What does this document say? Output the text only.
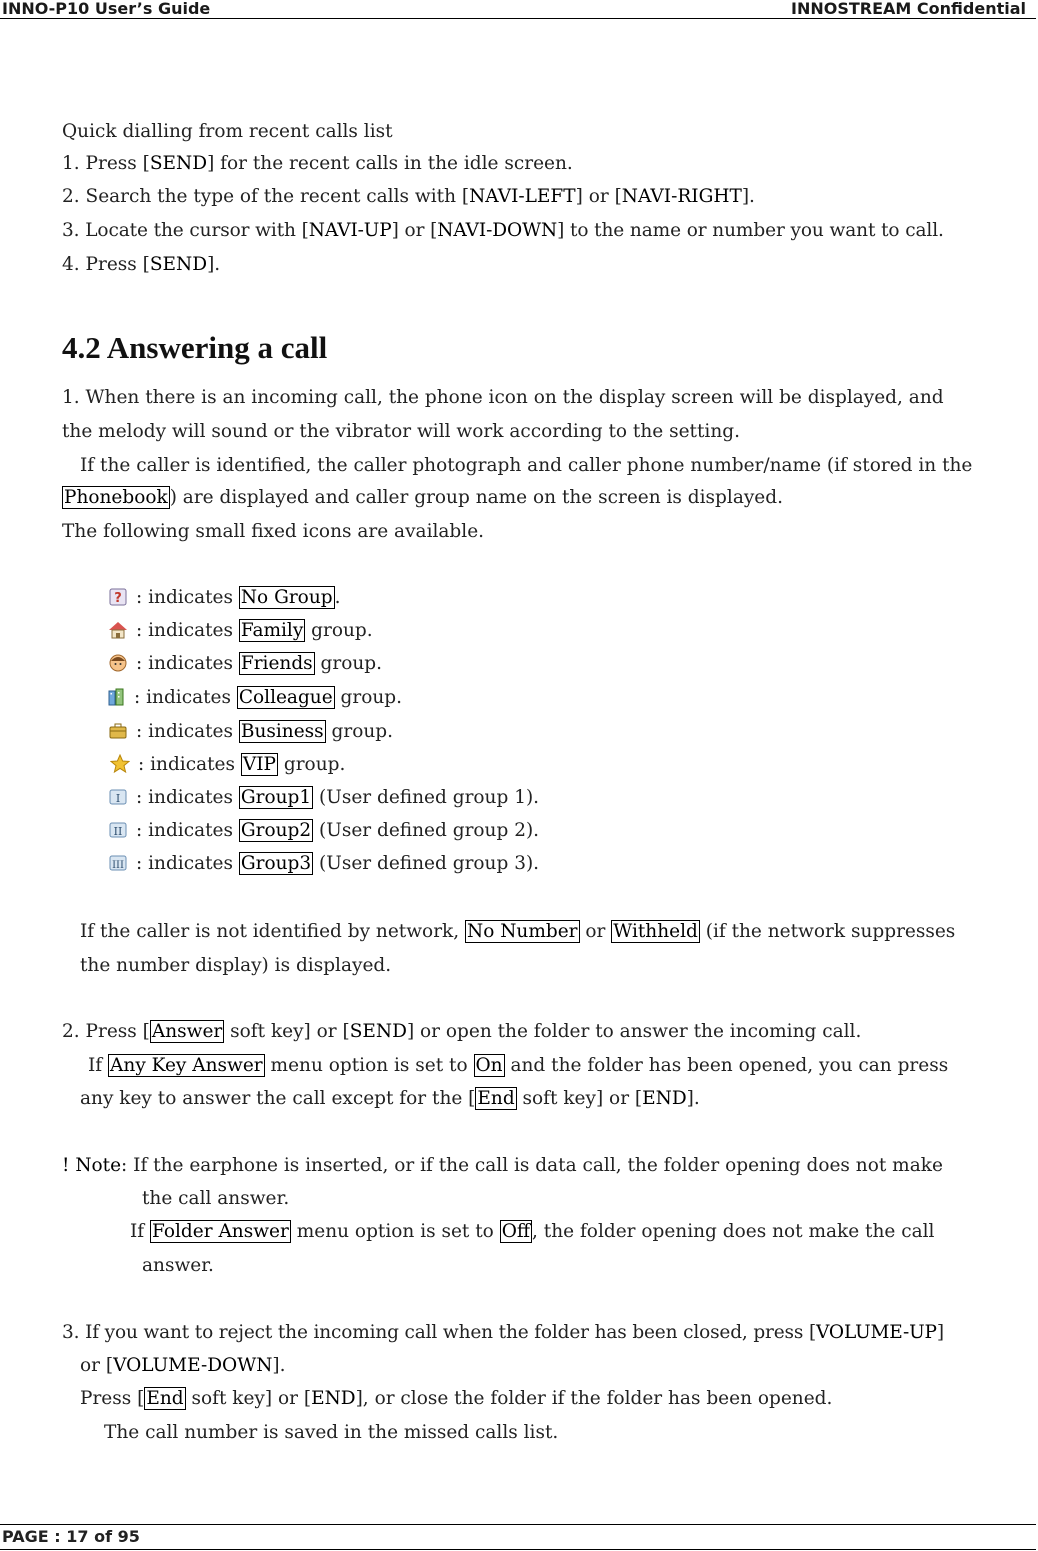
INNO-P10 User’s Guide	INNOSTREAM Confidential
Quick dialling from recent calls list
1. Press [SEND] for the recent calls in the idle screen.
2. Search the type of the recent calls with [NAVI-LEFT] or [NAVI-RIGHT].
3. Locate the cursor with [NAVI-UP] or [NAVI-DOWN] to the name or number you want to call.
4. Press [SEND].
4.2 Answering a call
1. When there is an incoming call, the phone icon on the display screen will be displayed, and
the melody will sound or the vibrator will work according to the setting.
If the caller is identified, the caller photograph and caller phone number/name (if stored in the
Phonebook ) are displayed and caller group name on the screen is displayed.
The following small fixed icons are available.
? : indicates No Group .
: indicates Family group.
: indicates Friends group.
: indicates Colleague group.
: indicates Business group.
: indicates VIP group.
I : indicates Group1 (User defined group 1).
II : indicates Group2 (User defined group 2).
III : indicates Group3 (User defined group 3).
If the caller is not identified by network, No Number or Withheld (if the network suppresses
the number display) is displayed.
2. Press [ Answer soft key] or [SEND] or open the folder to answer the incoming call.
If Any Key Answer menu option is set to On and the folder has been opened, you can press
any key to answer the call except for the [ End soft key] or [END].
! Note: If the earphone is inserted, or if the call is data call, the folder opening does not make
the call answer.
If Folder Answer menu option is set to Off , the folder opening does not make the call
answer.
3. If you want to reject the incoming call when the folder has been closed, press [VOLUME-UP]
or [VOLUME-DOWN].
Press [ End soft key] or [END], or close the folder if the folder has been opened.
The call number is saved in the missed calls list.
PAGE : 17 of 95
